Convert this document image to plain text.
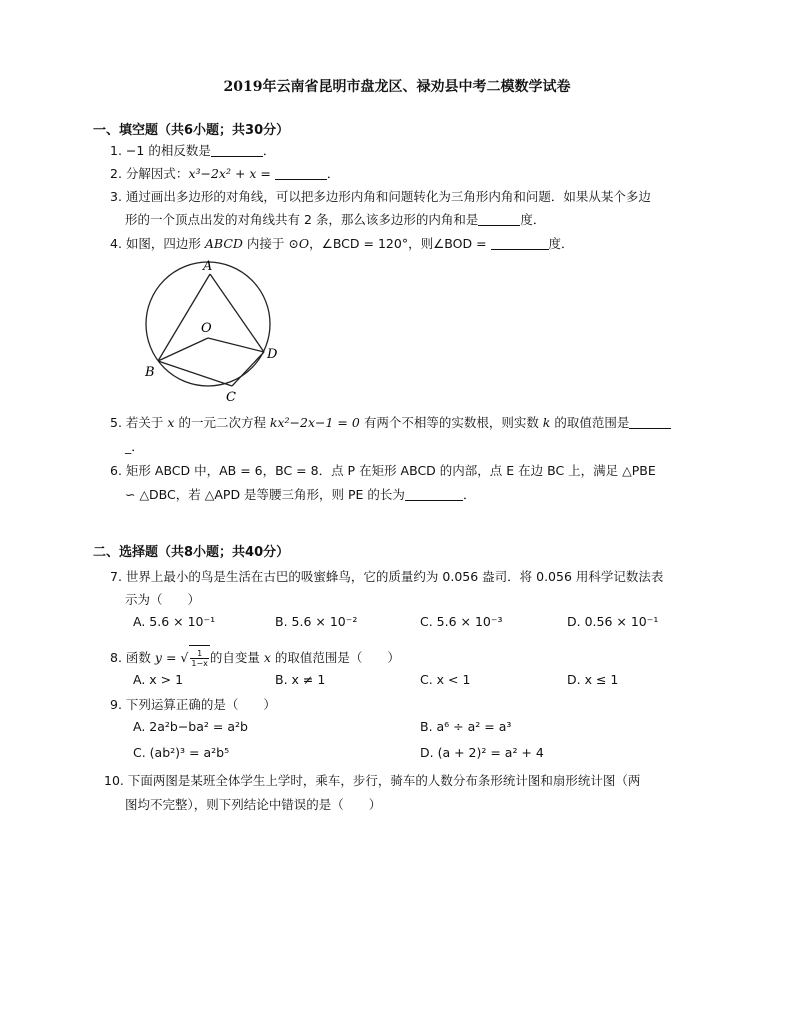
2019年云南省昆明市盘龙区、禄劝县中考二模数学试卷
一、填空题（共6小题；共30分）
1. −1 的相反数是	．
2. 分解因式：x³−2x² + x =	．
3. 通过画出多边形的对角线，可以把多边形内角和问题转化为三角形内角和问题．如果从某个多边
形的一个顶点出发的对角线共有 2 条，那么该多边形的内角和是	度．
4. 如图，四边形 ABCD 内接于 ⊙O，∠BCD = 120°，则∠BOD =	度．
A
O
B
C
D
5. 若关于 x 的一元二次方程 kx²−2x−1 = 0 有两个不相等的实数根，则实数 k 的取值范围是
_．
6. 矩形 ABCD 中，AB = 6，BC = 8．点 P 在矩形 ABCD 的内部，点 E 在边 BC 上，满足 △PBE
∽ △DBC，若 △APD 是等腰三角形，则 PE 的长为	．
二、选择题（共8小题；共40分）
7. 世界上最小的鸟是生活在古巴的吸蜜蜂鸟，它的质量约为 0.056 盎司．将 0.056 用科学记数法表
示为（　　）
A. 5.6 × 10⁻¹	B. 5.6 × 10⁻²	C. 5.6 × 10⁻³	D. 0.56 × 10⁻¹
8. 函数 y = √ $\frac{1}{1-x}$ 的自变量 x 的取值范围是（　　）
A. x > 1	B. x ≠ 1	C. x < 1	D. x ≤ 1
9. 下列运算正确的是（　　）
A. 2a²b−ba² = a²b	B. a⁶ ÷ a² = a³
C. (ab²)³ = a²b⁵	D. (a + 2)² = a² + 4
10. 下面两图是某班全体学生上学时，乘车，步行，骑车的人数分布条形统计图和扇形统计图（两
图均不完整），则下列结论中错误的是（　　）
